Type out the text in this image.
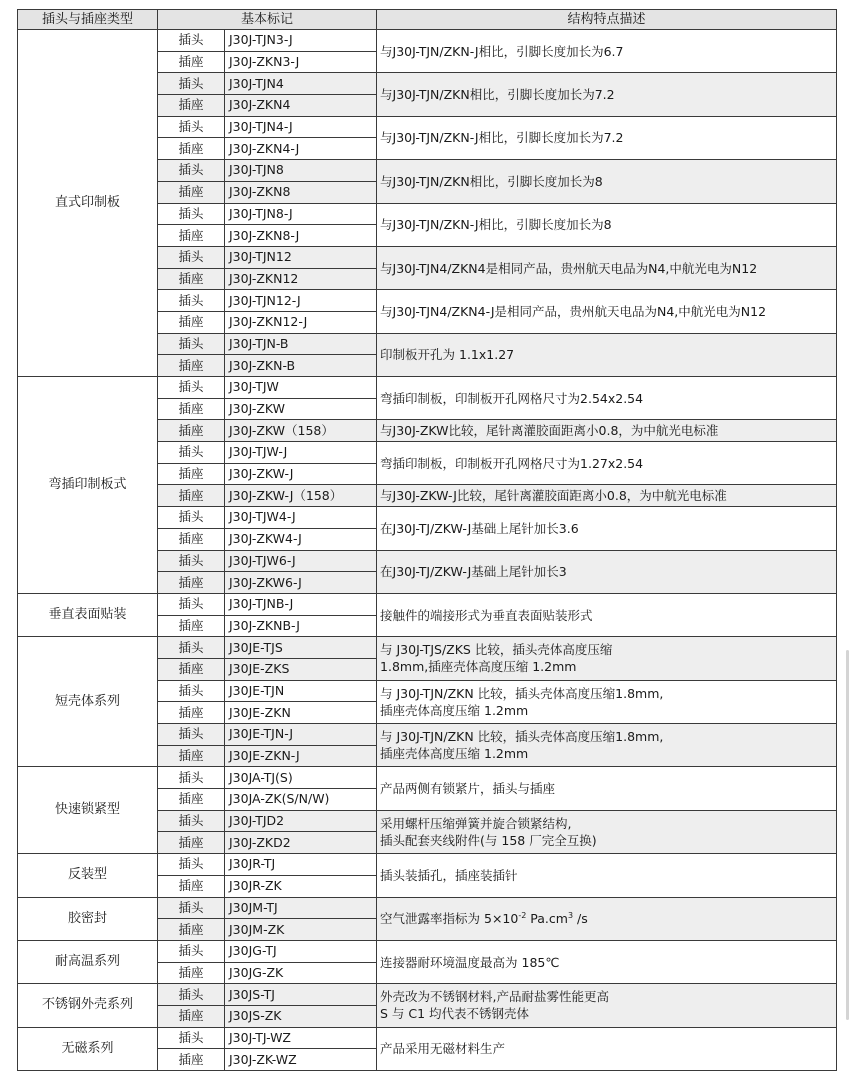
插头与插座类型	基本标记		结构特点描述
直式印制板	插头	J30J-TJN3-J	与J30J-TJN/ZKN-J相比，引脚长度加长为6.7
	插座	J30J-ZKN3-J	
	插头	J30J-TJN4	与J30J-TJN/ZKN相比，引脚长度加长为7.2
	插座	J30J-ZKN4	
	插头	J30J-TJN4-J	与J30J-TJN/ZKN-J相比，引脚长度加长为7.2
	插座	J30J-ZKN4-J	
	插头	J30J-TJN8	与J30J-TJN/ZKN相比，引脚长度加长为8
	插座	J30J-ZKN8	
	插头	J30J-TJN8-J	与J30J-TJN/ZKN-J相比，引脚长度加长为8
	插座	J30J-ZKN8-J	
	插头	J30J-TJN12	与J30J-TJN4/ZKN4是相同产品，贵州航天电品为N4,中航光电为N12
	插座	J30J-ZKN12	
	插头	J30J-TJN12-J	与J30J-TJN4/ZKN4-J是相同产品，贵州航天电品为N4,中航光电为N12
	插座	J30J-ZKN12-J	
	插头	J30J-TJN-B	印制板开孔为 1.1x1.27
	插座	J30J-ZKN-B	
弯插印制板式	插头	J30J-TJW	弯插印制板，印制板开孔网格尺寸为2.54x2.54
	插座	J30J-ZKW	
	插座	J30J-ZKW（158）	与J30J-ZKW比较，尾针离灌胶面距离小0.8，为中航光电标准
	插头	J30J-TJW-J	弯插印制板，印制板开孔网格尺寸为1.27x2.54
	插座	J30J-ZKW-J	
	插座	J30J-ZKW-J（158）	与J30J-ZKW-J比较，尾针离灌胶面距离小0.8，为中航光电标准
	插头	J30J-TJW4-J	在J30J-TJ/ZKW-J基础上尾针加长3.6
	插座	J30J-ZKW4-J	
	插头	J30J-TJW6-J	在J30J-TJ/ZKW-J基础上尾针加长3
	插座	J30J-ZKW6-J	
垂直表面贴装	插头	J30J-TJNB-J	接触件的端接形式为垂直表面贴装形式
	插座	J30J-ZKNB-J	
短壳体系列	插头	J30JE-TJS	与 J30J-TJS/ZKS 比较，插头壳体高度压缩
1.8mm,插座壳体高度压缩 1.2mm
	插座	J30JE-ZKS	
	插头	J30JE-TJN	与 J30J-TJN/ZKN 比较，插头壳体高度压缩1.8mm,
插座壳体高度压缩 1.2mm
	插座	J30JE-ZKN	
	插头	J30JE-TJN-J	与 J30J-TJN/ZKN 比较，插头壳体高度压缩1.8mm,
插座壳体高度压缩 1.2mm
	插座	J30JE-ZKN-J	
快速锁紧型	插头	J30JA-TJ(S)	产品两侧有锁紧片，插头与插座
	插座	J30JA-ZK(S/N/W)	
	插头	J30J-TJD2	采用螺杆压缩弹簧并旋合锁紧结构,
插头配套夹线附件(与 158 厂完全互换)
	插座	J30J-ZKD2	
反装型	插头	J30JR-TJ	插头装插孔，插座装插针
	插座	J30JR-ZK	
胶密封	插头	J30JM-TJ	空气泄露率指标为 $5\times 10^{-2}$ $Pa.cm^3$ /s
	插座	J30JM-ZK	
耐高温系列	插头	J30JG-TJ	连接器耐环境温度最高为 185℃
	插座	J30JG-ZK	
不锈钢外壳系列	插头	J30JS-TJ	外壳改为不锈钢材料,产品耐盐雾性能更高
S 与 C1 均代表不锈钢壳体
	插座	J30JS-ZK	
无磁系列	插头	J30J-TJ-WZ	产品采用无磁材料生产
	插座	J30J-ZK-WZ	
